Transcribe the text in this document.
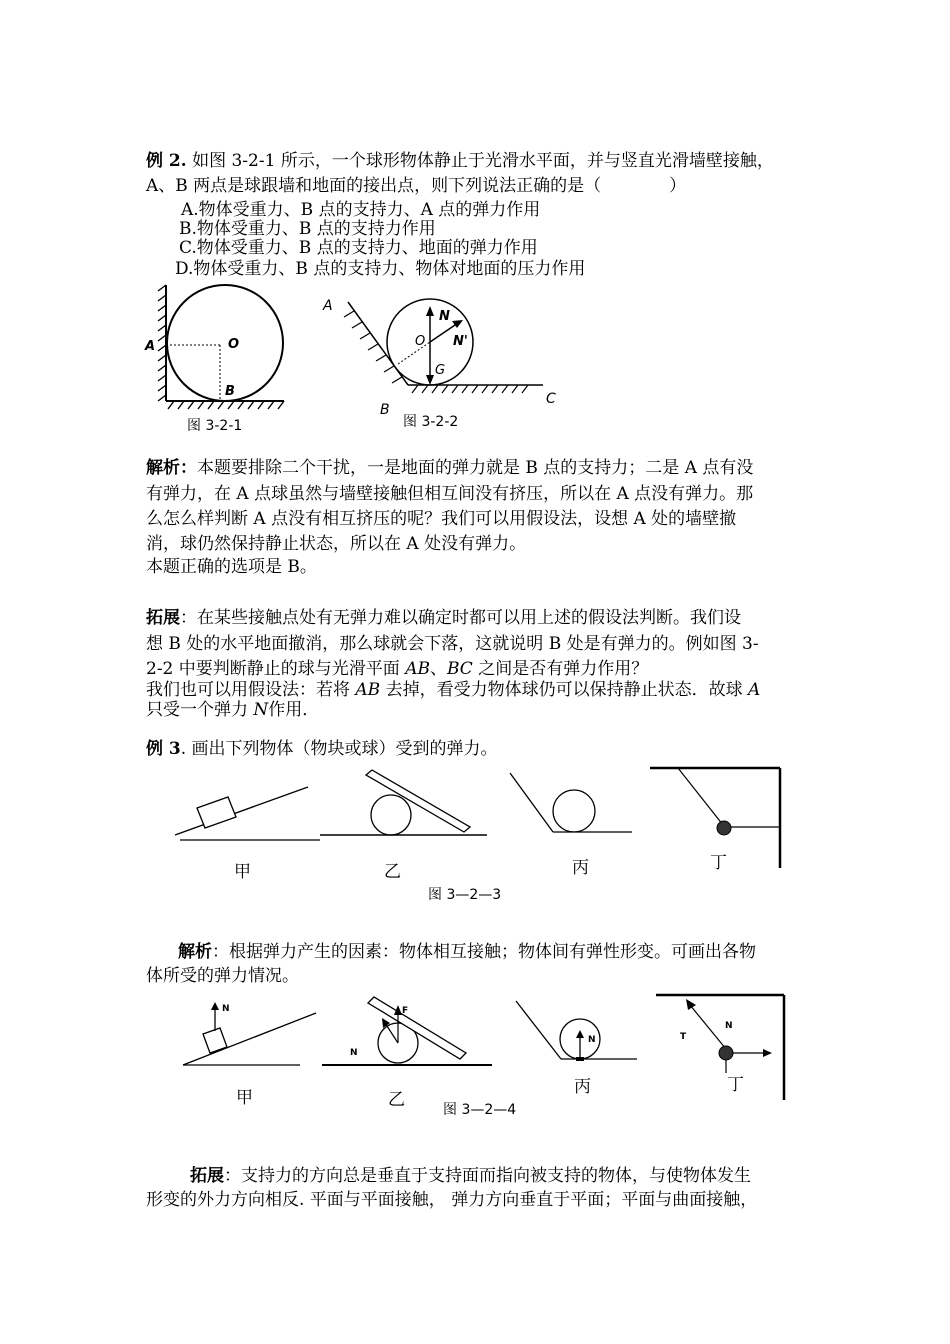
例 2. 如图 3-2-1 所示，一个球形物体静止于光滑水平面，并与竖直光滑墙壁接触，
A、B 两点是球跟墙和地面的接出点，则下列说法正确的是（　　　　）
A.物体受重力、B 点的支持力、A 点的弹力作用
B.物体受重力、B 点的支持力作用
C.物体受重力、B 点的支持力、地面的弹力作用
D.物体受重力、B 点的支持力、物体对地面的压力作用
A	O
B
图 3-2-1
A
N
O N'
G
B
C
图 3-2-2
解析：本题要排除二个干扰，一是地面的弹力就是 B 点的支持力；二是 A 点有没
有弹力，在 A 点球虽然与墙壁接触但相互间没有挤压，所以在 A 点没有弹力。那
么怎么样判断 A 点没有相互挤压的呢？我们可以用假设法，设想 A 处的墙壁撤
消，球仍然保持静止状态，所以在 A 处没有弹力。
本题正确的选项是 B。
拓展：在某些接触点处有无弹力难以确定时都可以用上述的假设法判断。我们设
想 B 处的水平地面撤消，那么球就会下落，这就说明 B 处是有弹力的。例如图 3-
2-2 中要判断静止的球与光滑平面 AB、BC 之间是否有弹力作用？
我们也可以用假设法：若将 AB 去掉，看受力物体球仍可以保持静止状态．故球 A
只受一个弹力 N作用．
例 3. 画出下列物体（物块或球）受到的弹力。
甲	乙	丙	丁
图 3—2—3
解析：根据弹力产生的因素：物体相互接触；物体间有弹性形变。可画出各物
体所受的弹力情况。
N
甲
F
N
乙
N
丙
T
N
丁
图 3—2—4
拓展：支持力的方向总是垂直于支持面而指向被支持的物体，与使物体发生
形变的外力方向相反. 平面与平面接触， 弹力方向垂直于平面；平面与曲面接触，
